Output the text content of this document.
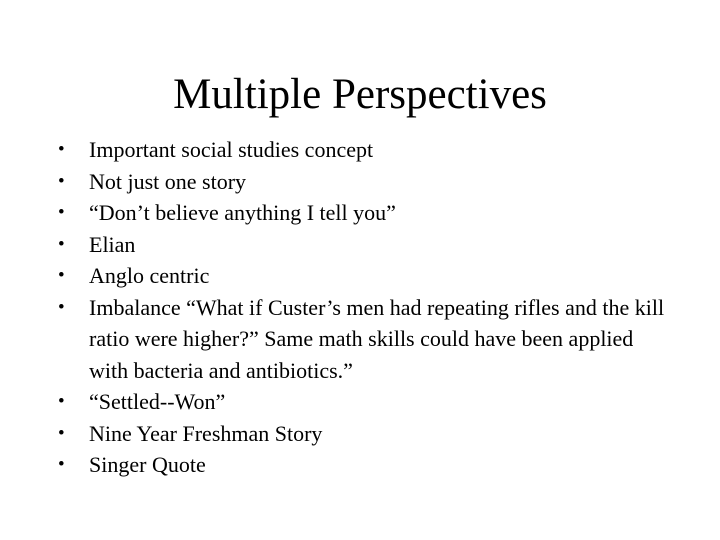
Multiple Perspectives
• Important social studies concept
• Not just one story
• “Don’t believe anything I tell you”
• Elian
• Anglo centric
• Imbalance “What if Custer’s men had repeating rifles and the kill ratio were higher?” Same math skills could have been applied with bacteria and antibiotics.”
• “Settled--Won”
• Nine Year Freshman Story
• Singer Quote
